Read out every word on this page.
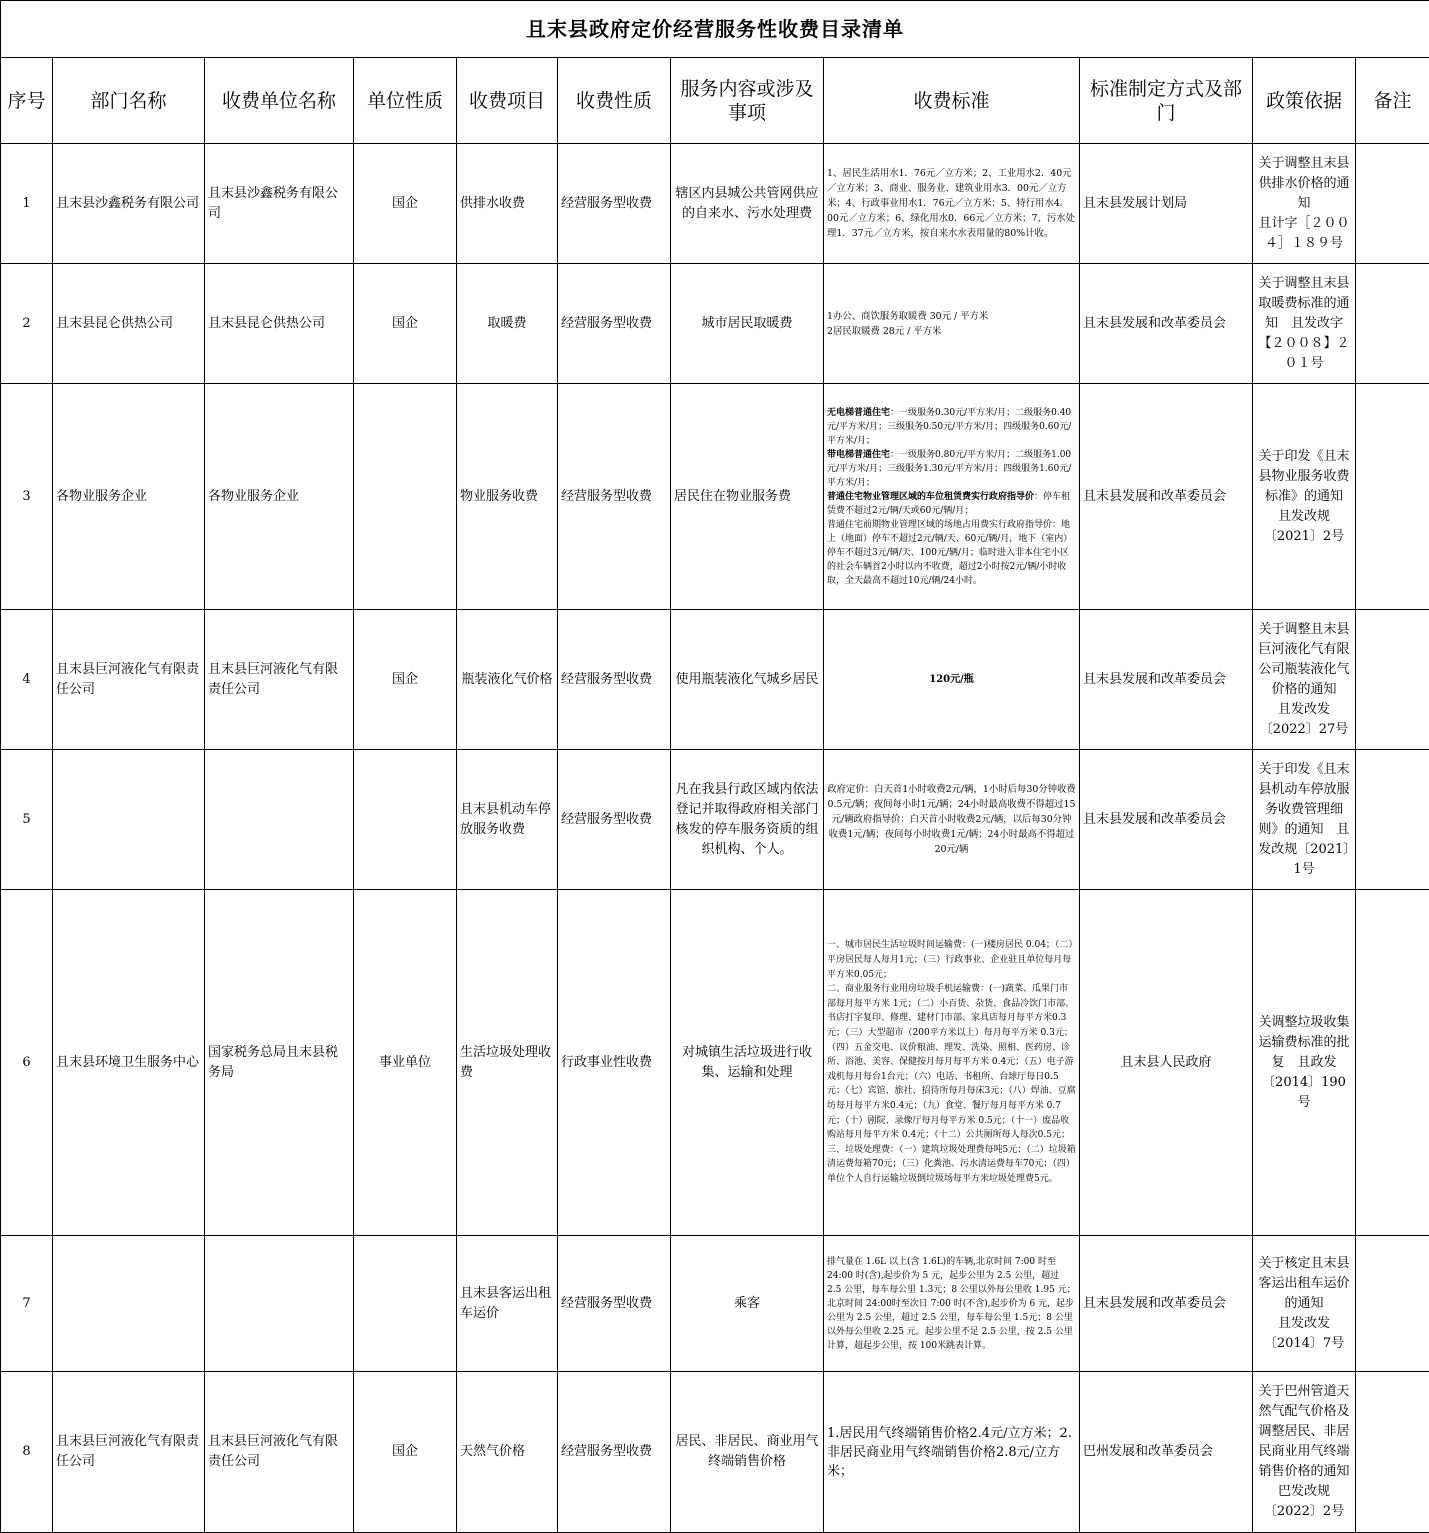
且末县政府定价经营服务性收费目录清单										
序号	部门名称	收费单位名称	单位性质	收费项目	收费性质	服务内容或涉及事项	收费标准	标准制定方式及部门	政策依据	备注
1	且末县沙鑫税务有限公司	且末县沙鑫税务有限公司	国企	供排水收费	经营服务型收费	辖区内县城公共管网供应的自来水、污水处理费	1、居民生活用水1．76元／立方米；2、工业用水2．40元／立方米；3、商业、服务业、建筑业用水3．00元／立方米；4、行政事业用水1．76元／立方米；5、特行用水4．00元／立方米；6、绿化用水0．66元／立方米；7、污水处理1．37元／立方米，按自来水水表用量的80%计收。	且末县发展计划局	关于调整且末县供排水价格的通知
且计字［２００４］１８９号	
2	且末县昆仑供热公司	且末县昆仑供热公司	国企	取暖费	经营服务型收费	城市居民取暖费	1办公、商饮服务取暖费 30元 / 平方米
2居民取暖费 28元 / 平方米	且末县发展和改革委员会	关于调整且末县取暖费标准的通知　且发改字【２００８】２０１号	
3	各物业服务企业	各物业服务企业		物业服务收费	经营服务型收费	居民住在物业服务费	无电梯普通住宅：一级服务0.30元/平方米/月；二级服务0.40元/平方米/月；三级服务0.50元/平方米/月；四级服务0.60元/平方米/月；
带电梯普通住宅：一级服务0.80元/平方米/月；二级服务1.00元/平方米/月；三级服务1.30元/平方米/月；四级服务1.60元/平方米/月；
普通住宅物业管理区域的车位租赁费实行政府指导价：停车租赁费不超过2元/辆/天或60元/辆/月；
普通住宅前期物业管理区域的场地占用费实行政府指导价：地上（地面）停车不超过2元/辆/天、60元/辆/月，地下（室内）停车不超过3元/辆/天、100元/辆/月；临时进入非本住宅小区的社会车辆首2小时以内不收费，超过2小时按2元/辆/小时收取，全天最高不超过10元/辆/24小时。	且末县发展和改革委员会	关于印发《且末县物业服务收费标准》的通知
且发改规〔2021〕2号	
4	且末县巨河液化气有限责任公司	且末县巨河液化气有限责任公司	国企	瓶装液化气价格	经营服务型收费	使用瓶装液化气城乡居民	120元/瓶	且末县发展和改革委员会	关于调整且末县巨河液化气有限公司瓶装液化气价格的通知
且发改发〔2022〕27号	
5				且末县机动车停放服务收费	经营服务型收费	凡在我县行政区域内依法登记并取得政府相关部门核发的停车服务资质的组织机构、个人。	政府定价：白天首1小时收费2元/辆，1小时后每30分钟收费0.5元/辆；夜间每小时1元/辆；24小时最高收费不得超过15元/辆政府指导价：白天首小时收费2元/辆，以后每30分钟收费1元/辆；夜间每小时收费1元/辆；24小时最高不得超过20元/辆	且末县发展和改革委员会	关于印发《且末县机动车停放服务收费管理细则》的通知　且发改规〔2021〕1号	
6	且末县环境卫生服务中心	国家税务总局且末县税务局	事业单位	生活垃圾处理收费	行政事业性收费	对城镇生活垃圾进行收集、运输和处理	一、城市居民生活垃圾时间运输费：(一)楼房居民 0.04；（二）平房居民每人每月1元；（三）行政事业、企业驻且单位每月每平方米0.05元；
二、商业服务行业用房垃圾手机运输费：(一)蔬菜、瓜果门市部每月每平方米 1元；（二）小百货、杂货、食品冷饮门市部、书店打字复印、修理、建材门市部、家具店每月每平方米0.3元；（三）大型超市（200平方米以上）每月每平方米 0.3元；（四）五金交电、议价粮油、理发、洗染、照相、医药房、诊所、浴池、美容、保健按月每月每平方米 0.4元；（五）电子游戏机每月每台1台元；（六）电话、书租所、台球厅每日0.5元；（七）宾馆、旅社、招待所每月每床3元；（八）焊油、豆腐坊每月每平方米0.4元；（九）食堂、餐厅每月每平方米 0.7元；（十）剧院、录像厅每月每平方米 0.5元；（十一）废品收购站每月每平方米 0.4元；（十二）公共厕所每人每次0.5元；
三、垃圾处理费：（一）建筑垃圾处理费每吨5元；（二）垃圾箱清运费每箱70元；（三）化粪池、污水清运费每车70元；（四）单位个人自行运输垃圾倒垃圾场每平方米垃圾处理费5元。	且末县人民政府	关调整垃圾收集运输费标准的批复　且政发〔2014〕190号	
7				且末县客运出租车运价	经营服务型收费	乘客	排气量在 1.6L 以上(含 1.6L)的车辆,北京时间 7:00 时至24:00 时(含),起步价为 5 元，起步公里为 2.5 公里，超过 2.5 公里，每车每公里 1.3元；8 公里以外每公里收 1.95 元；北京时间 24:00时至次日 7:00 时(不含),起步价为 6 元，起步公里为 2.5 公里，超过 2.5 公里，每车每公里 1.5元；8 公里以外每公里收 2.25 元。起步公里不足 2.5 公里，按 2.5 公里计算，超起步公里，按 100米跳表计算。	且末县发展和改革委员会	关于核定且末县客运出租车运价的通知
且发改发〔2014〕7号	
8	且末县巨河液化气有限责任公司	且末县巨河液化气有限责任公司	国企	天然气价格	经营服务型收费	居民、非居民、商业用气终端销售价格	1.居民用气终端销售价格2.4元/立方米；2.非居民商业用气终端销售价格2.8元/立方米；	巴州发展和改革委员会	关于巴州管道天然气配气价格及调整居民、非居民商业用气终端销售价格的通知
巴发改规〔2022〕2号	
